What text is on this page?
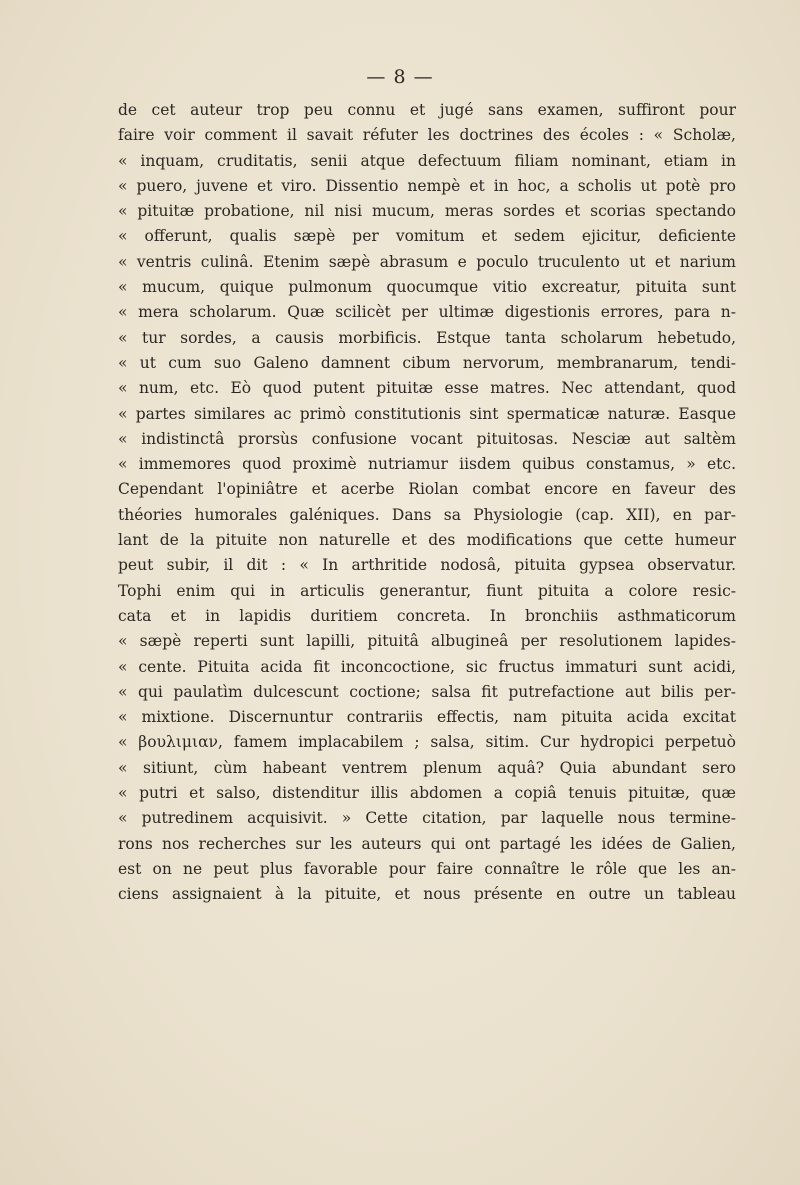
— 8 —
de cet auteur trop peu connu et jugé sans examen, suffiront pour
faire voir comment il savait réfuter les doctrines des écoles : « Scholæ,
« inquam, cruditatis, senii atque defectuum filiam nominant, etiam in
« puero, juvene et viro. Dissentio nempè et in hoc, a scholis ut potè pro
« pituitæ probatione, nil nisi mucum, meras sordes et scorias spectando
« offerunt, qualis sæpè per vomitum et sedem ejicitur, deficiente
« ventris culinâ. Etenim sæpè abrasum e poculo truculento ut et narium
« mucum, quique pulmonum quocumque vitio excreatur, pituita sunt
« mera scholarum. Quæ scilicèt per ultimæ digestionis errores, para n-
« tur sordes, a causis morbificis. Estque tanta scholarum hebetudo,
« ut cum suo Galeno damnent cibum nervorum, membranarum, tendi-
« num, etc. Eò quod putent pituitæ esse matres. Nec attendant, quod
« partes similares ac primò constitutionis sint spermaticæ naturæ. Easque
« indistinctâ prorsùs confusione vocant pituitosas. Nesciæ aut saltèm
« immemores quod proximè nutriamur iisdem quibus constamus, » etc.
Cependant l'opiniâtre et acerbe Riolan combat encore en faveur des
théories humorales galéniques. Dans sa Physiologie (cap. XII), en par-
lant de la pituite non naturelle et des modifications que cette humeur
peut subir, il dit : « In arthritide nodosâ, pituita gypsea observatur.
Tophi enim qui in articulis generantur, fiunt pituita a colore resic-
cata et in lapidis duritiem concreta. In bronchiis asthmaticorum
« sæpè reperti sunt lapilli, pituitâ albugineâ per resolutionem lapides-
« cente. Pituita acida fit inconcoctione, sic fructus immaturi sunt acidi,
« qui paulatìm dulcescunt coctione; salsa fit putrefactione aut bilis per-
« mixtione. Discernuntur contrariis effectis, nam pituita acida excitat
« βουλιμιαν, famem implacabilem ; salsa, sitim. Cur hydropici perpetuò
« sitiunt, cùm habeant ventrem plenum aquâ? Quia abundant sero
« putri et salso, distenditur illis abdomen a copiâ tenuis pituitæ, quæ
« putredinem acquisivit. » Cette citation, par laquelle nous termine-
rons nos recherches sur les auteurs qui ont partagé les idées de Galien,
est on ne peut plus favorable pour faire connaître le rôle que les an-
ciens assignaient à la pituite, et nous présente en outre un tableau
